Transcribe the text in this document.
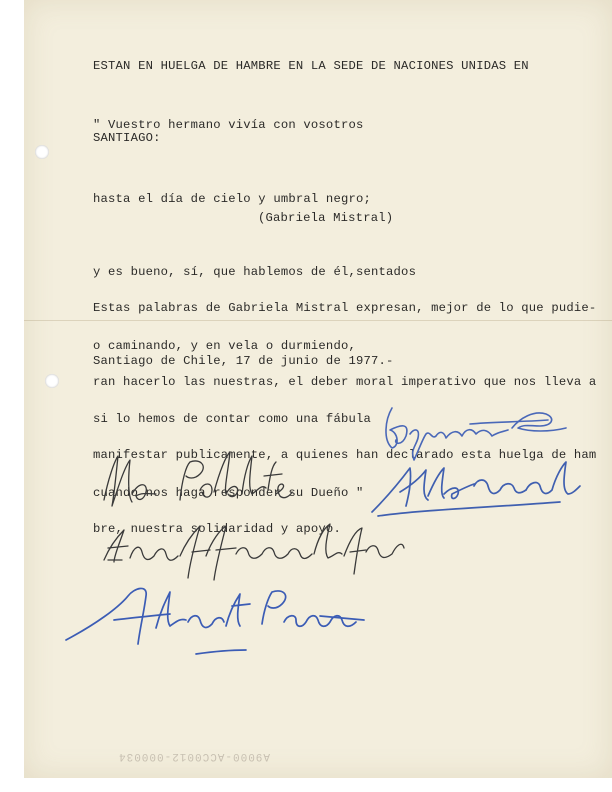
ESTAN EN HUELGA DE HAMBRE EN LA SEDE DE NACIONES UNIDAS EN

SANTIAGO:

" Vuestro hermano vivía con vosotros

hasta el día de cielo y umbral negro;

y es bueno, sí, que hablemos de él,sentados

o caminando, y en vela o durmiendo,

si lo hemos de contar como una fábula

cuando nos haga responder su Dueño "

(Gabriela Mistral)

Estas palabras de Gabriela Mistral expresan, mejor de lo que pudie-

ran hacerlo las nuestras, el deber moral imperativo que nos lleva a

manifestar publicamente, a quienes han declarado esta huelga de ham

bre, nuestra solidaridad y apoyo.

Santiago de Chile, 17 de junio de 1977.-
A9000-ACC0012-000034
